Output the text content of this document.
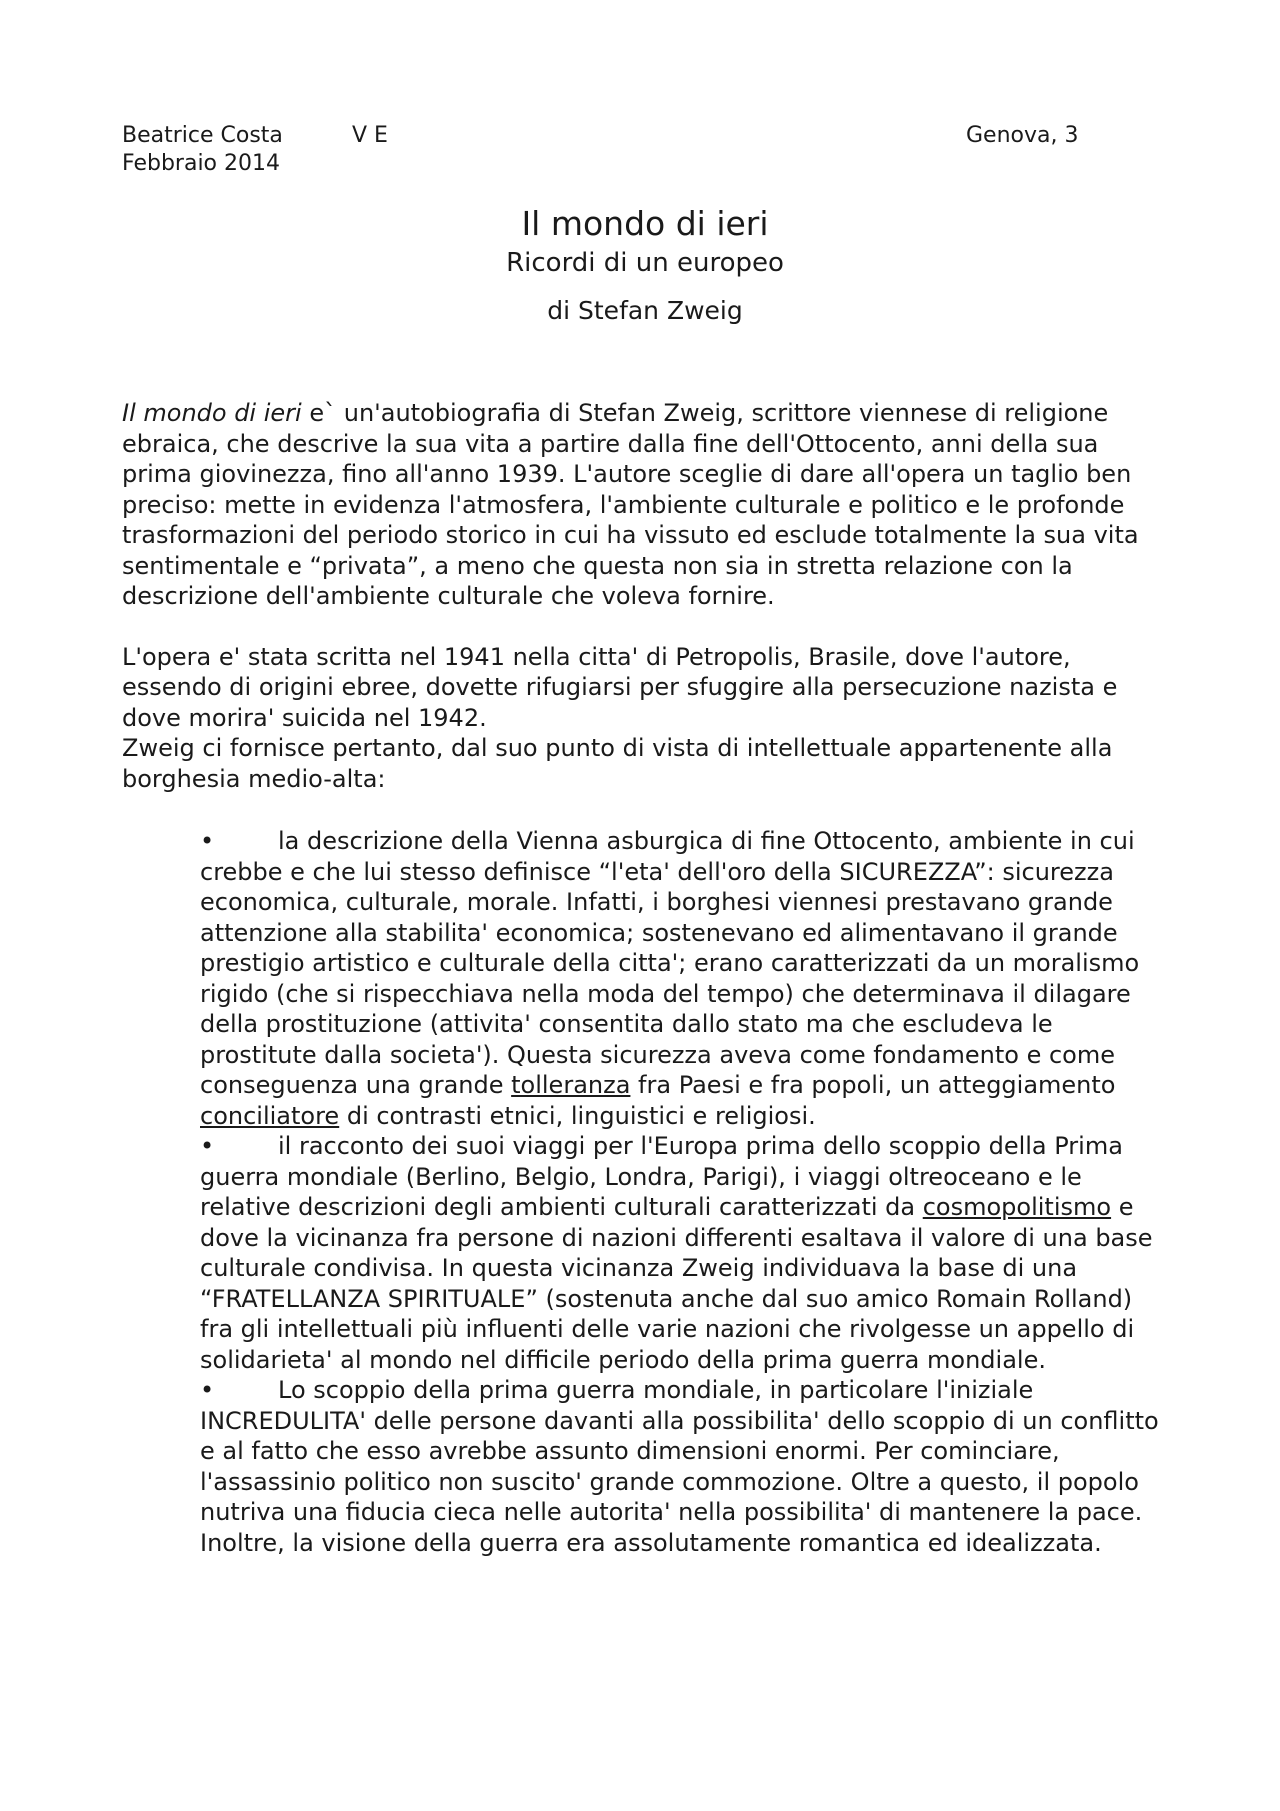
Beatrice Costa	V E	Genova, 3
Febbraio 2014
Il mondo di ieri
Ricordi di un europeo
di Stefan Zweig

Il mondo di ieri e` un'autobiografia di Stefan Zweig, scrittore viennese di religione ebraica, che descrive la sua vita a partire dalla fine dell'Ottocento, anni della sua prima giovinezza, fino all'anno 1939. L'autore sceglie di dare all'opera un taglio ben preciso: mette in evidenza l'atmosfera, l'ambiente culturale e politico e le profonde trasformazioni del periodo storico in cui ha vissuto ed esclude totalmente la sua vita sentimentale e “privata”, a meno che questa non sia in stretta relazione con la descrizione dell'ambiente culturale che voleva fornire.

L'opera e' stata scritta nel 1941 nella citta' di Petropolis, Brasile, dove l'autore, essendo di origini ebree, dovette rifugiarsi per sfuggire alla persecuzione nazista e dove morira' suicida nel 1942.

Zweig ci fornisce pertanto, dal suo punto di vista di intellettuale appartenente alla borghesia medio-alta:

•	la descrizione della Vienna asburgica di fine Ottocento, ambiente in cui crebbe e che lui stesso definisce “l'eta' dell'oro della SICUREZZA”: sicurezza economica, culturale, morale. Infatti, i borghesi viennesi prestavano grande attenzione alla stabilita' economica; sostenevano ed alimentavano il grande prestigio artistico e culturale della citta'; erano caratterizzati da un moralismo rigido (che si rispecchiava nella moda del tempo) che determinava il dilagare della prostituzione (attivita' consentita dallo stato ma che escludeva le prostitute dalla societa'). Questa sicurezza aveva come fondamento e come conseguenza una grande tolleranza fra Paesi e fra popoli, un atteggiamento conciliatore di contrasti etnici, linguistici e religiosi.
•	il racconto dei suoi viaggi per l'Europa prima dello scoppio della Prima guerra mondiale (Berlino, Belgio, Londra, Parigi), i viaggi oltreoceano e le relative descrizioni degli ambienti culturali caratterizzati da cosmopolitismo e dove la vicinanza fra persone di nazioni differenti esaltava il valore di una base culturale condivisa. In questa vicinanza Zweig individuava la base di una “FRATELLANZA SPIRITUALE” (sostenuta anche dal suo amico Romain Rolland) fra gli intellettuali più influenti delle varie nazioni che rivolgesse un appello di solidarieta' al mondo nel difficile periodo della prima guerra mondiale.
•	Lo scoppio della prima guerra mondiale, in particolare l'iniziale INCREDULITA' delle persone davanti alla possibilita' dello scoppio di un conflitto e al fatto che esso avrebbe assunto dimensioni enormi. Per cominciare, l'assassinio politico non suscito' grande commozione. Oltre a questo, il popolo nutriva una fiducia cieca nelle autorita' nella possibilita' di mantenere la pace. Inoltre, la visione della guerra era assolutamente romantica ed idealizzata.
